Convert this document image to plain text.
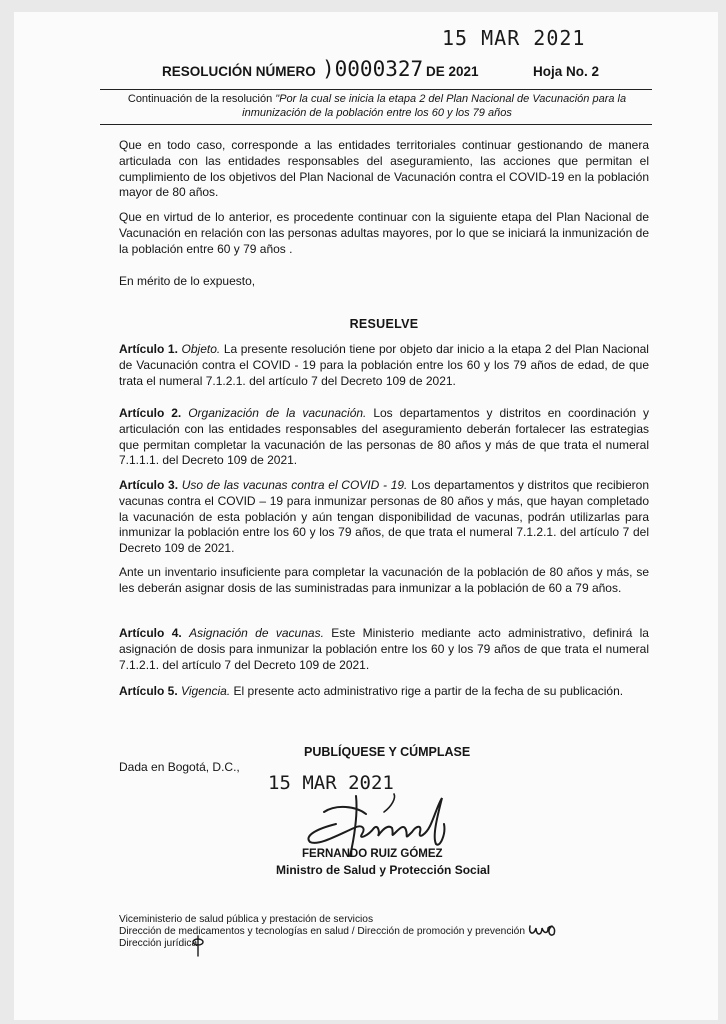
15 MAR 2021
RESOLUCIÓN NÚMERO )0000327 DE 2021	Hoja No. 2
Continuación de la resolución "Por la cual se inicia la etapa 2 del Plan Nacional de Vacunación para la inmunización de la población entre los 60 y los 79 años

Que en todo caso, corresponde a las entidades territoriales continuar gestionando de manera articulada con las entidades responsables del aseguramiento, las acciones que permitan el cumplimiento de los objetivos del Plan Nacional de Vacunación contra el COVID-19 en la población mayor de 80 años.

Que en virtud de lo anterior, es procedente continuar con la siguiente etapa del Plan Nacional de Vacunación en relación con las personas adultas mayores, por lo que se iniciará la inmunización de la población entre 60 y 79 años .

En mérito de lo expuesto,

RESUELVE

Artículo 1. Objeto. La presente resolución tiene por objeto dar inicio a la etapa 2 del Plan Nacional de Vacunación contra el COVID - 19 para la población entre los 60 y los 79 años de edad, de que trata el numeral 7.1.2.1. del artículo 7 del Decreto 109 de 2021.

Artículo 2. Organización de la vacunación. Los departamentos y distritos en coordinación y articulación con las entidades responsables del aseguramiento deberán fortalecer las estrategias que permitan completar la vacunación de las personas de 80 años y más de que trata el numeral 7.1.1.1. del Decreto 109 de 2021.

Artículo 3. Uso de las vacunas contra el COVID - 19. Los departamentos y distritos que recibieron vacunas contra el COVID – 19 para inmunizar personas de 80 años y más, que hayan completado la vacunación de esta población y aún tengan disponibilidad de vacunas, podrán utilizarlas para inmunizar la población entre los 60 y los 79 años, de que trata el numeral 7.1.2.1. del artículo 7 del Decreto 109 de 2021.

Ante un inventario insuficiente para completar la vacunación de la población de 80 años y más, se les deberán asignar dosis de las suministradas para inmunizar a la población de 60 a 79 años.

Artículo 4. Asignación de vacunas. Este Ministerio mediante acto administrativo, definirá la asignación de dosis para inmunizar la población entre los 60 y los 79 años de que trata el numeral 7.1.2.1. del artículo 7 del Decreto 109 de 2021.

Artículo 5. Vigencia. El presente acto administrativo rige a partir de la fecha de su publicación.

PUBLÍQUESE Y CÚMPLASE
Dada en Bogotá, D.C.,
15 MAR 2021
FERNANDO RUIZ GÓMEZ
Ministro de Salud y Protección Social
Viceministerio de salud pública y prestación de servicios
Dirección de medicamentos y tecnologías en salud / Dirección de promoción y prevención
Dirección jurídica
